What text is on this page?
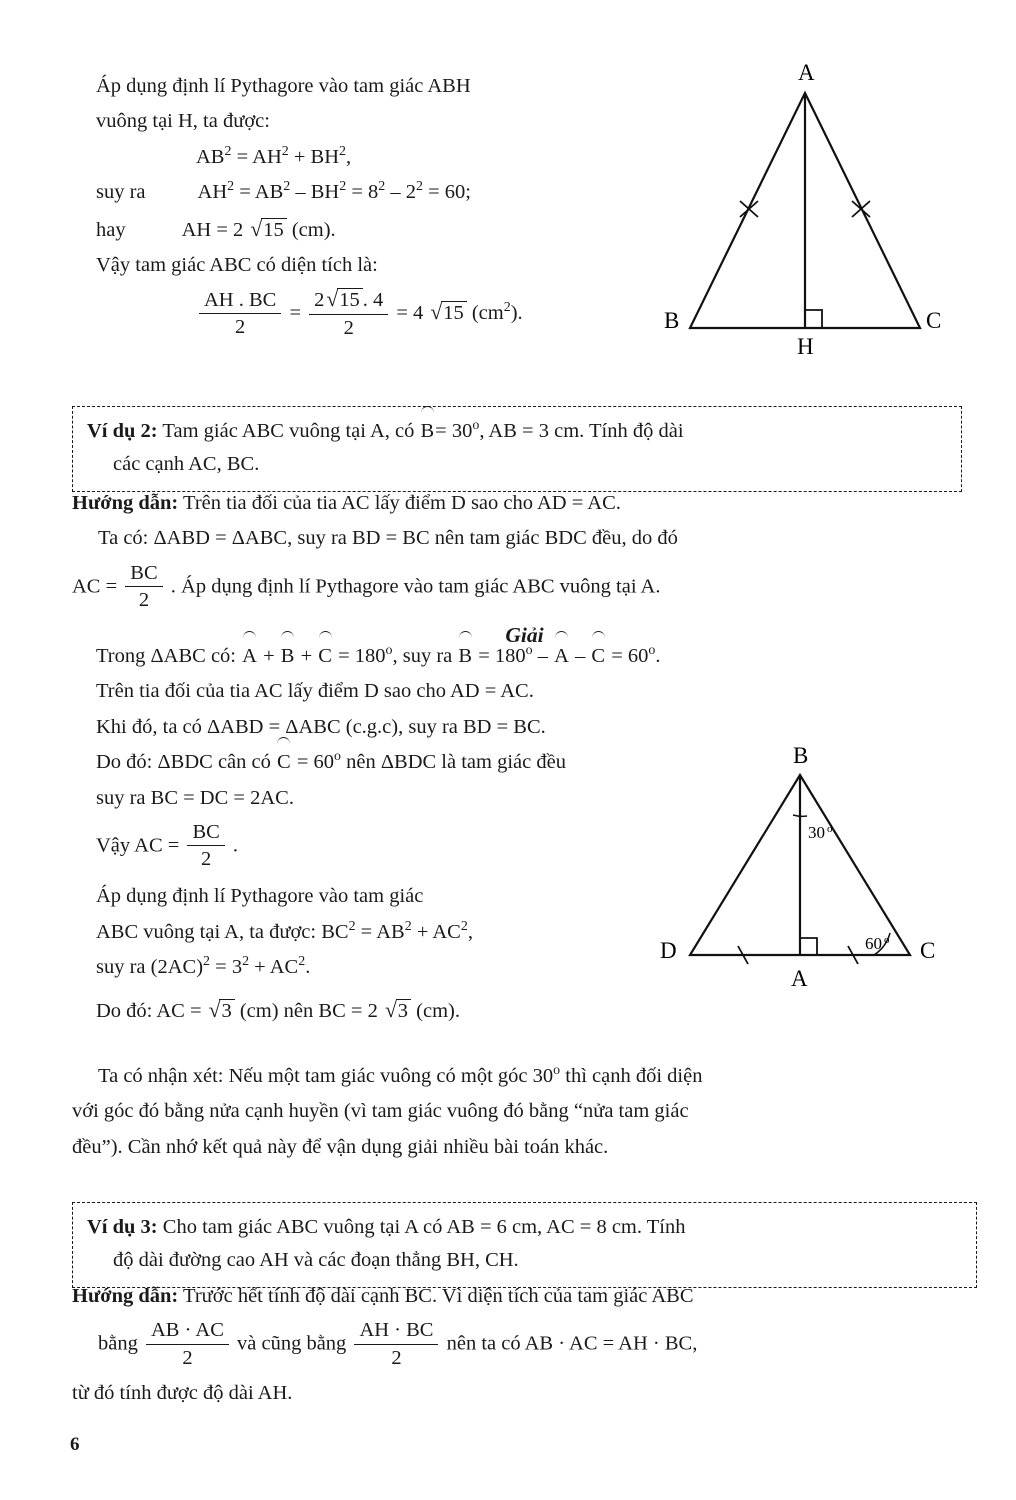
Áp dụng định lí Pythagore vào tam giác ABH

vuông tại H, ta được:

$AB^2 = AH^2 + BH^2$,

suy ra	$AH^2 = AB^2 - BH^2 = 8^2 - 2^2 = 60$;

hay	AH = 2 √15 (cm).

Vậy tam giác ABC có diện tích là:

$\frac{AH . BC}{2} = \frac{2√15 . 4}{2} = 4$ √15 $(cm^2)$.

A
B	C
H
Ví dụ 2: Tam giác ABC vuông tại A, có $B= 30^o$, AB = 3 cm. Tính độ dài
các cạnh AC, BC.

Hướng dẫn: Trên tia đối của tia AC lấy điểm D sao cho AD = AC.

Ta có: ΔABD = ΔABC, suy ra BD = BC nên tam giác BDC đều, do đó

AC = $\frac{BC}{2}$ . Áp dụng định lí Pythagore vào tam giác ABC vuông tại A.

Giải

Trong ΔABC có: $A + B + C = 180^o$, suy ra $B = 180^o - A - C = 60^o$.

Trên tia đối của tia AC lấy điểm D sao cho AD = AC.

Khi đó, ta có ΔABD = ΔABC (c.g.c), suy ra BD = BC.

Do đó: ΔBDC cân có $C = 60^o$ nên ΔBDC là tam giác đều

suy ra BC = DC = 2AC.

Vậy AC = $\frac{BC}{2}$ .

Áp dụng định lí Pythagore vào tam giác

ABC vuông tại A, ta được: $BC^2 = AB^2 + AC^2$,

suy ra $(2AC)^2 = 3^2 + AC^2$.

Do đó: AC = √3 (cm) nên BC = 2 √3 (cm).

B
D
A
C
30 o
60 o

Ta có nhận xét: Nếu một tam giác vuông có một góc 30$^o$ thì cạnh đối diện

với góc đó bằng nửa cạnh huyền (vì tam giác vuông đó bằng “nửa tam giác

đều”). Cần nhớ kết quả này để vận dụng giải nhiều bài toán khác.

Ví dụ 3: Cho tam giác ABC vuông tại A có AB = 6 cm, AC = 8 cm. Tính
độ dài đường cao AH và các đoạn thẳng BH, CH.

Hướng dẫn: Trước hết tính độ dài cạnh BC. Vì diện tích của tam giác ABC

bằng $\frac{AB \cdot AC}{2}$ và cũng bằng $\frac{AH \cdot BC}{2}$ nên ta có AB · AC = AH · BC,

từ đó tính được độ dài AH.

6
